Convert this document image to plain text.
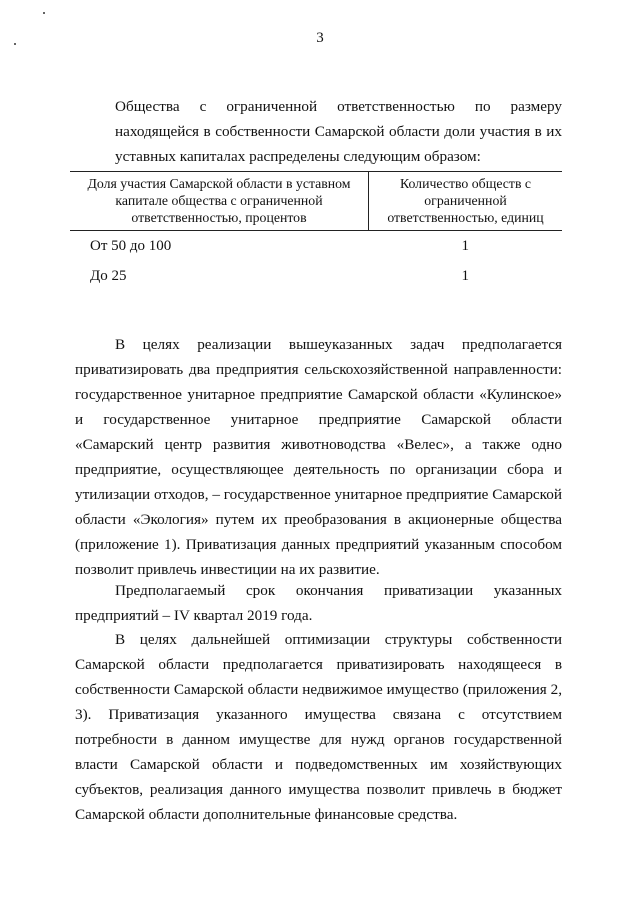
3

Общества с ограниченной ответственностью по размеру
находящейся в собственности Самарской области доли участия в их
уставных капиталах распределены следующим образом:

Доля участия Самарской области в уставном капитале общества с ограниченной ответственностью, процентов	Количество обществ с ограниченной ответственностью, единиц
От 50 до 100	1
До 25	1

В целях реализации вышеуказанных задач предполагается приватизировать два предприятия сельскохозяйственной направленности: государственное унитарное предприятие Самарской области «Кулинское» и государственное унитарное предприятие Самарской области «Самарский центр развития животноводства «Велес», а также одно предприятие, осуществляющее деятельность по организации сбора и утилизации отходов, – государственное унитарное предприятие Самарской области «Экология» путем их преобразования в акционерные общества (приложение 1). Приватизация данных предприятий указанным способом позволит привлечь инвестиции на их развитие.

Предполагаемый срок окончания приватизации указанных предприятий – IV квартал 2019 года.

В целях дальнейшей оптимизации структуры собственности Самарской области предполагается приватизировать находящееся в собственности Самарской области недвижимое имущество (приложения 2, 3). Приватизация указанного имущества связана с отсутствием потребности в данном имуществе для нужд органов государственной власти Самарской области и подведомственных им хозяйствующих субъектов, реализация данного имущества позволит привлечь в бюджет Самарской области дополнительные финансовые средства.
